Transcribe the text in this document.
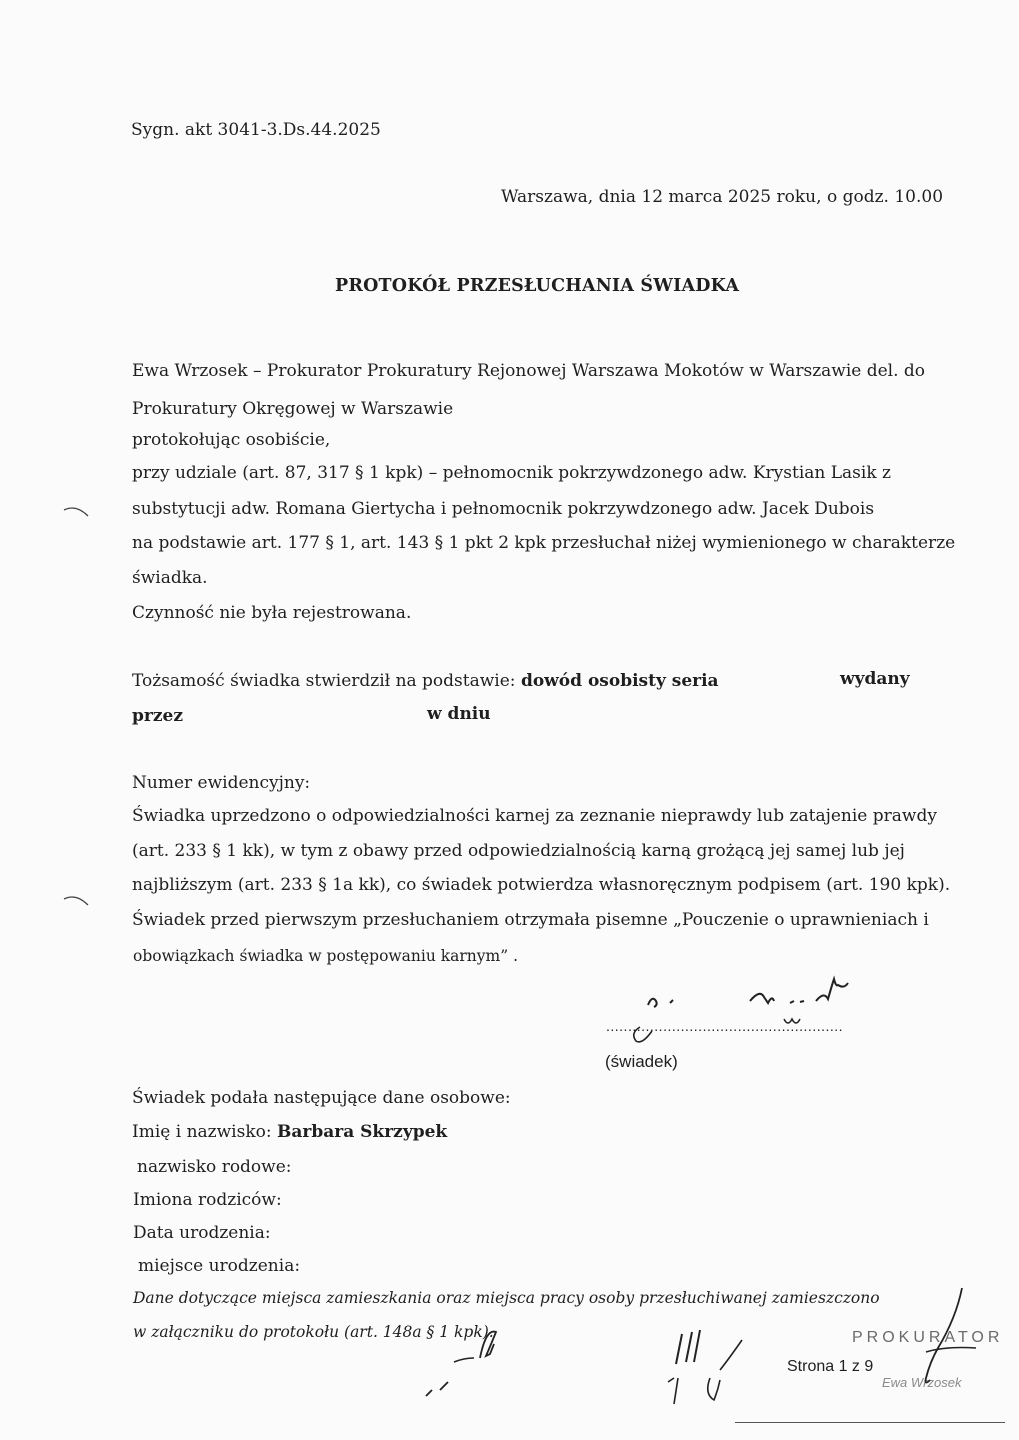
Sygn. akt 3041-3.Ds.44.2025
Warszawa, dnia 12 marca 2025 roku, o godz. 10.00
PROTOKÓŁ PRZESŁUCHANIA ŚWIADKA
Ewa Wrzosek – Prokurator Prokuratury Rejonowej Warszawa Mokotów w Warszawie del. do
Prokuratury Okręgowej w Warszawie
protokołując osobiście,
przy udziale (art. 87, 317 § 1 kpk) – pełnomocnik pokrzywdzonego adw. Krystian Lasik z
substytucji adw. Romana Giertycha i pełnomocnik pokrzywdzonego adw. Jacek Dubois
na podstawie art. 177 § 1, art. 143 § 1 pkt 2 kpk przesłuchał niżej wymienionego w charakterze
świadka.
Czynność nie była rejestrowana.
Tożsamość świadka stwierdził na podstawie: dowód osobisty seria	wydany
przez	w dniu
Numer ewidencyjny:
Świadka uprzedzono o odpowiedzialności karnej za zeznanie nieprawdy lub zatajenie prawdy
(art. 233 § 1 kk), w tym z obawy przed odpowiedzialnością karną grożącą jej samej lub jej
najbliższym (art. 233 § 1a kk), co świadek potwierdza własnoręcznym podpisem (art. 190 kpk).
Świadek przed pierwszym przesłuchaniem otrzymała pisemne „Pouczenie o uprawnieniach i
obowiązkach świadka w postępowaniu karnym” .
......................................................
(świadek)
Świadek podała następujące dane osobowe:
Imię i nazwisko: Barbara Skrzypek
nazwisko rodowe:
Imiona rodziców:
Data urodzenia:
miejsce urodzenia:
Dane dotyczące miejsca zamieszkania oraz miejsca pracy osoby przesłuchiwanej zamieszczono
w załączniku do protokołu (art. 148a § 1 kpk).
Strona 1 z 9
PROKURATOR
Ewa Wrzosek
